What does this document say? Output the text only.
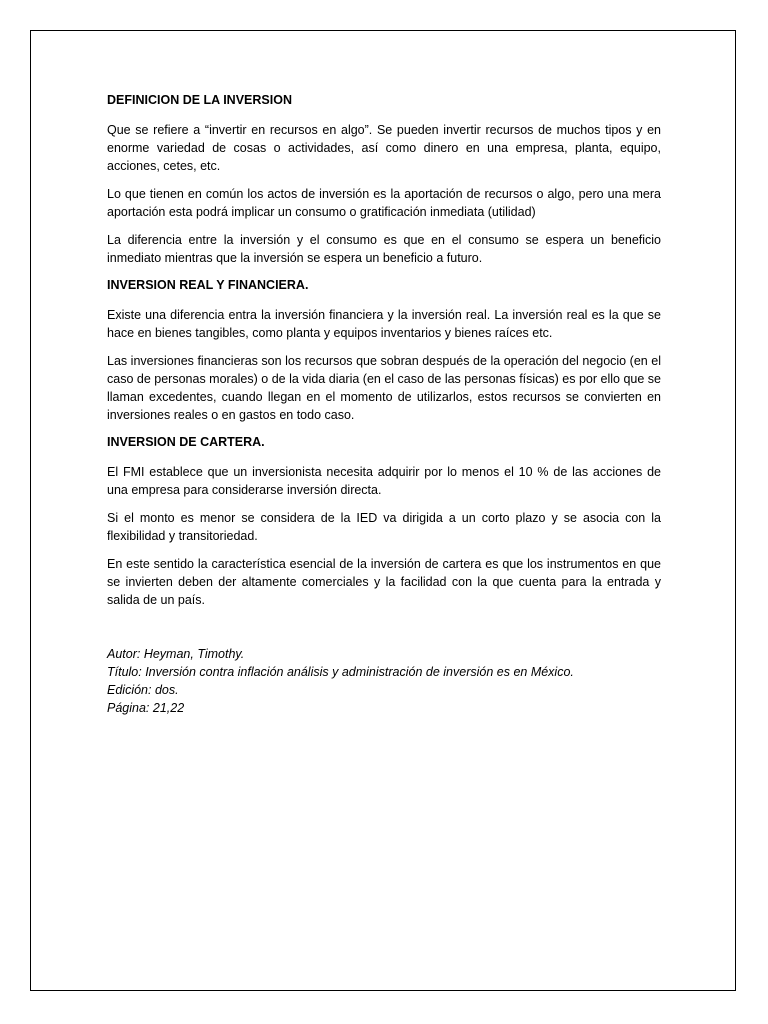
DEFINICION DE LA INVERSION

Que se refiere a “invertir en recursos en algo”. Se pueden invertir recursos de muchos tipos y en enorme variedad de cosas o actividades, así como dinero en una empresa, planta, equipo, acciones, cetes, etc.

Lo que tienen en común los actos de inversión es la aportación de recursos o algo, pero una mera aportación esta podrá implicar un consumo o gratificación inmediata (utilidad)

La diferencia entre la inversión y el consumo es que en el consumo se espera un beneficio inmediato mientras que la inversión se espera un beneficio a futuro.

INVERSION REAL Y FINANCIERA.

Existe una diferencia entra la inversión financiera y la inversión real. La inversión real es la que se hace en bienes tangibles, como planta y equipos inventarios y bienes raíces etc.

Las inversiones financieras son los recursos que sobran después de la operación del negocio (en el caso de personas morales) o de la vida diaria (en el caso de las personas físicas) es por ello que se llaman excedentes, cuando llegan en el momento de utilizarlos, estos recursos se convierten en inversiones reales o en gastos en todo caso.

INVERSION DE CARTERA.

El FMI establece que un inversionista necesita adquirir por lo menos el 10 % de las acciones de una empresa para considerarse inversión directa.

Si el monto es menor se considera de la IED va dirigida a un corto plazo y se asocia con la flexibilidad y transitoriedad.

En este sentido la característica esencial de la inversión de cartera es que los instrumentos en que se invierten deben der altamente comerciales y la facilidad con la que cuenta para la entrada y salida de un país.

Autor: Heyman, Timothy.

Título: Inversión contra inflación análisis y administración de inversión es en México.

Edición: dos.

Página: 21,22
